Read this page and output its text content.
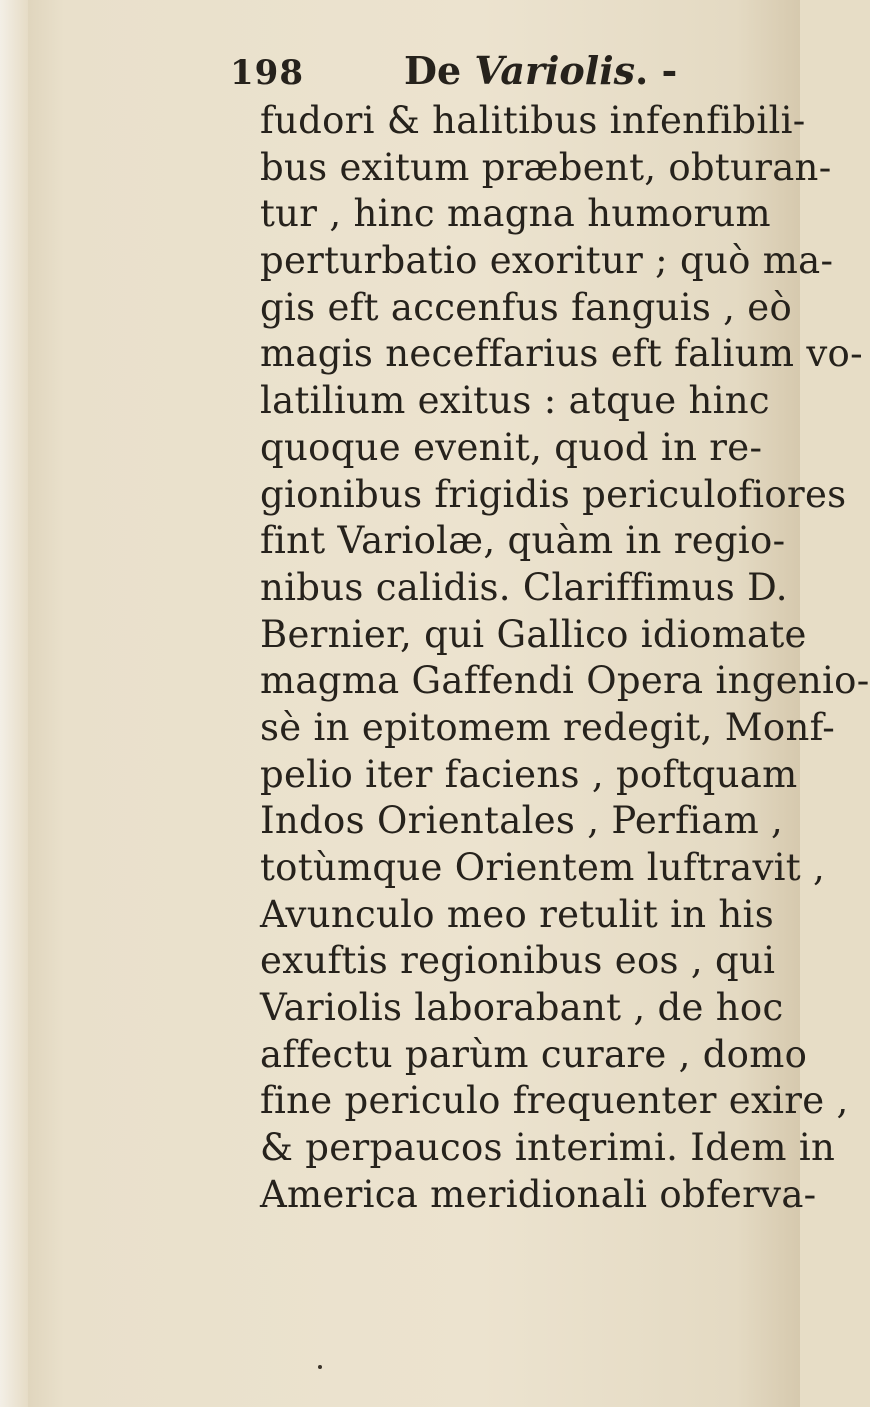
198	De Variolis. -
fudori & halitibus infenfibili-
bus exitum præbent, obturan-
tur , hinc magna humorum
perturbatio exoritur ; quò ma-
gis eft accenfus fanguis , eò
magis neceffarius eft falium vo-
latilium exitus : atque hinc
quoque evenit, quod in re-
gionibus frigidis periculofiores
fint Variolæ, quàm in regio-
nibus calidis. Clariffimus D.
Bernier, qui Gallico idiomate
magma Gaffendi Opera ingenio-
sè in epitomem redegit, Monf-
pelio iter faciens , poftquam
Indos Orientales , Perfiam ,
totùmque Orientem luftravit ,
Avunculo meo retulit in his
exuftis regionibus eos , qui
Variolis laborabant , de hoc
affectu parùm curare , domo
fine periculo frequenter exire ,
& perpaucos interimi. Idem in
America meridionali obferva-
